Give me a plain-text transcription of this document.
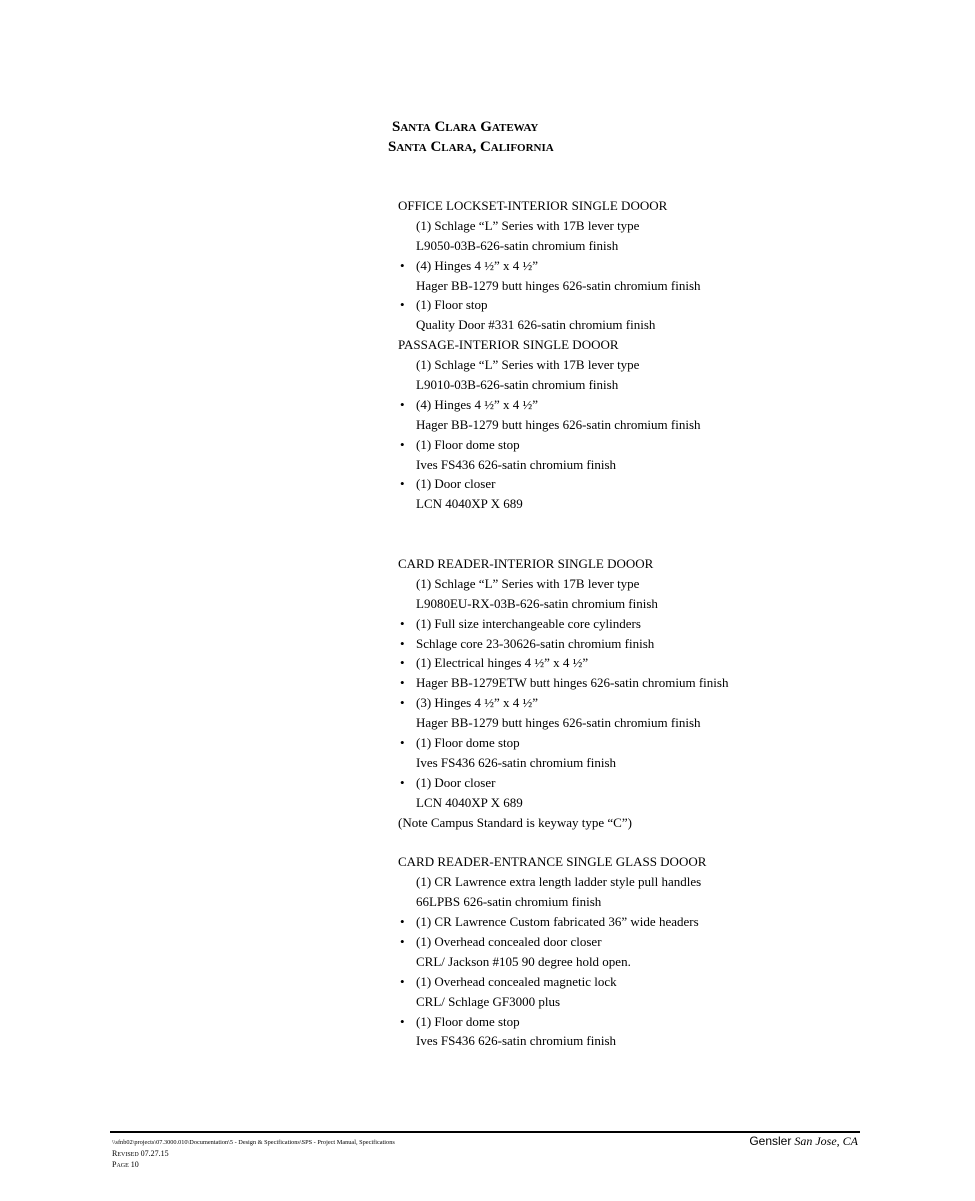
Santa Clara Gateway
Santa Clara, California
OFFICE LOCKSET-INTERIOR SINGLE DOOOR
(1) Schlage “L” Series with 17B lever type
L9050-03B-626-satin chromium finish
• (4) Hinges 4 ½” x 4 ½”
Hager BB-1279 butt hinges 626-satin chromium finish
• (1) Floor stop
Quality Door #331 626-satin chromium finish
PASSAGE-INTERIOR SINGLE DOOOR
(1) Schlage “L” Series with 17B lever type
L9010-03B-626-satin chromium finish
• (4) Hinges 4 ½” x 4 ½”
Hager BB-1279 butt hinges 626-satin chromium finish
• (1) Floor dome stop
Ives FS436 626-satin chromium finish
• (1) Door closer
LCN 4040XP X 689
CARD READER-INTERIOR SINGLE DOOOR
(1) Schlage “L” Series with 17B lever type
L9080EU-RX-03B-626-satin chromium finish
• (1) Full size interchangeable core cylinders
• Schlage core 23-30626-satin chromium finish
• (1) Electrical hinges 4 ½” x 4 ½”
• Hager BB-1279ETW butt hinges 626-satin chromium finish
• (3) Hinges 4 ½” x 4 ½”
Hager BB-1279 butt hinges 626-satin chromium finish
• (1) Floor dome stop
Ives FS436 626-satin chromium finish
• (1) Door closer
LCN 4040XP X 689
(Note Campus Standard is keyway type “C”)
CARD READER-ENTRANCE SINGLE GLASS DOOOR
(1) CR Lawrence extra length ladder style pull handles
66LPBS 626-satin chromium finish
• (1) CR Lawrence Custom fabricated 36” wide headers
• (1) Overhead concealed door closer
CRL/ Jackson #105 90 degree hold open.
• (1) Overhead concealed magnetic lock
CRL/ Schlage GF3000 plus
• (1) Floor dome stop
Ives FS436 626-satin chromium finish
\\sfnb02\projects\07.3000.010\Documentation\5 - Design & Specifications\SPS - Project Manual, Specifications
Revised 07.27.15
Page 10
Gensler San Jose, CA
